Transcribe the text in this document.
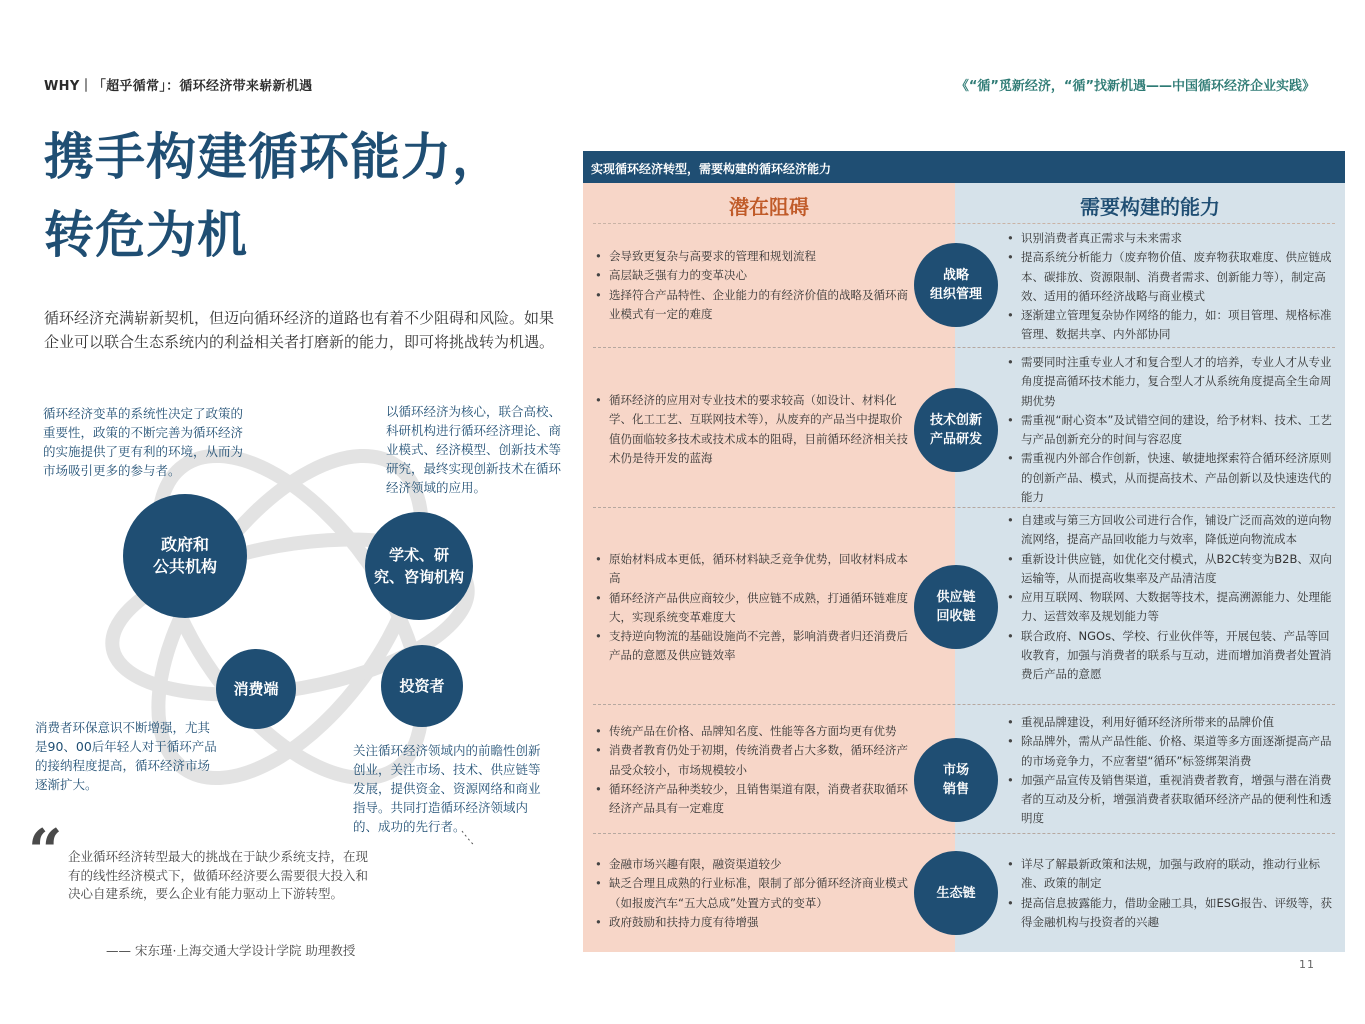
WHY｜「超乎循常」：循环经济带来崭新机遇	《“循”觅新经济，“循”找新机遇——中国循环经济企业实践》
携手构建循环能力，
转危为机
循环经济充满崭新契机，但迈向循环经济的道路也有着不少阻碍和风险。如果企业可以联合生态系统内的利益相关者打磨新的能力，即可将挑战转为机遇。
循环经济变革的系统性决定了政策的重要性，政策的不断完善为循环经济的实施提供了更有利的环境，从而为市场吸引更多的参与者。
以循环经济为核心，联合高校、科研机构进行循环经济理论、商业模式、经济模型、创新技术等研究，最终实现创新技术在循环经济领域的应用。
消费者环保意识不断增强，尤其是90、00后年轻人对于循环产品的接纳程度提高，循环经济市场逐渐扩大。
关注循环经济领域内的前瞻性创新创业，关注市场、技术、供应链等发展，提供资金、资源网络和商业指导。共同打造循环经济领域内的、成功的先行者。
政府和
公共机构
学术、研
究、咨询机构
消费端	投资者
“ 企业循环经济转型最大的挑战在于缺少系统支持，在现有的线性经济模式下，做循环经济要么需要很大投入和决心自建系统，要么企业有能力驱动上下游转型。
—— 宋东瑾·上海交通大学设计学院 助理教授
实现循环经济转型，需要构建的循环经济能力
潜在阻碍	需要构建的能力
• 会导致更复杂与高要求的管理和规划流程
• 高层缺乏强有力的变革决心
• 选择符合产品特性、企业能力的有经济价值的战略及循环商业模式有一定的难度
战略
组织管理
• 识别消费者真正需求与未来需求
• 提高系统分析能力（废弃物价值、废弃物获取难度、供应链成本、碳排放、资源限制、消费者需求、创新能力等），制定高效、适用的循环经济战略与商业模式
• 逐渐建立管理复杂协作网络的能力，如：项目管理、规格标准管理、数据共享、内外部协同
• 循环经济的应用对专业技术的要求较高（如设计、材料化学、化工工艺、互联网技术等），从废弃的产品当中提取价值仍面临较多技术或技术成本的阻碍，目前循环经济相关技术仍是待开发的蓝海
技术创新
产品研发
• 需要同时注重专业人才和复合型人才的培养，专业人才从专业角度提高循环技术能力，复合型人才从系统角度提高全生命周期优势
• 需重视“耐心资本”及试错空间的建设，给予材料、技术、工艺与产品创新充分的时间与容忍度
• 需重视内外部合作创新，快速、敏捷地探索符合循环经济原则的创新产品、模式，从而提高技术、产品创新以及快速迭代的能力
• 原始材料成本更低，循环材料缺乏竞争优势，回收材料成本高
• 循环经济产品供应商较少，供应链不成熟，打通循环链难度大，实现系统变革难度大
• 支持逆向物流的基础设施尚不完善，影响消费者归还消费后产品的意愿及供应链效率
供应链
回收链
• 自建或与第三方回收公司进行合作，铺设广泛而高效的逆向物流网络，提高产品回收能力与效率，降低逆向物流成本
• 重新设计供应链，如优化交付模式，从B2C转变为B2B、双向运输等，从而提高收集率及产品清洁度
• 应用互联网、物联网、大数据等技术，提高溯源能力、处理能力、运营效率及规划能力等
• 联合政府、NGOs、学校、行业伙伴等，开展包装、产品等回收教育，加强与消费者的联系与互动，进而增加消费者处置消费后产品的意愿
• 传统产品在价格、品牌知名度、性能等各方面均更有优势
• 消费者教育仍处于初期，传统消费者占大多数，循环经济产品受众较小，市场规模较小
• 循环经济产品种类较少，且销售渠道有限，消费者获取循环经济产品具有一定难度
市场
销售
• 重视品牌建设，利用好循环经济所带来的品牌价值
• 除品牌外，需从产品性能、价格、渠道等多方面逐渐提高产品的市场竞争力，不应奢望“循环”标签绑架消费
• 加强产品宣传及销售渠道，重视消费者教育，增强与潜在消费者的互动及分析，增强消费者获取循环经济产品的便利性和透明度
• 金融市场兴趣有限，融资渠道较少
• 缺乏合理且成熟的行业标准，限制了部分循环经济商业模式（如报废汽车“五大总成”处置方式的变革）
• 政府鼓励和扶持力度有待增强
生态链
• 详尽了解最新政策和法规，加强与政府的联动，推动行业标准、政策的制定
• 提高信息披露能力，借助金融工具，如ESG报告、评级等，获得金融机构与投资者的兴趣
11
